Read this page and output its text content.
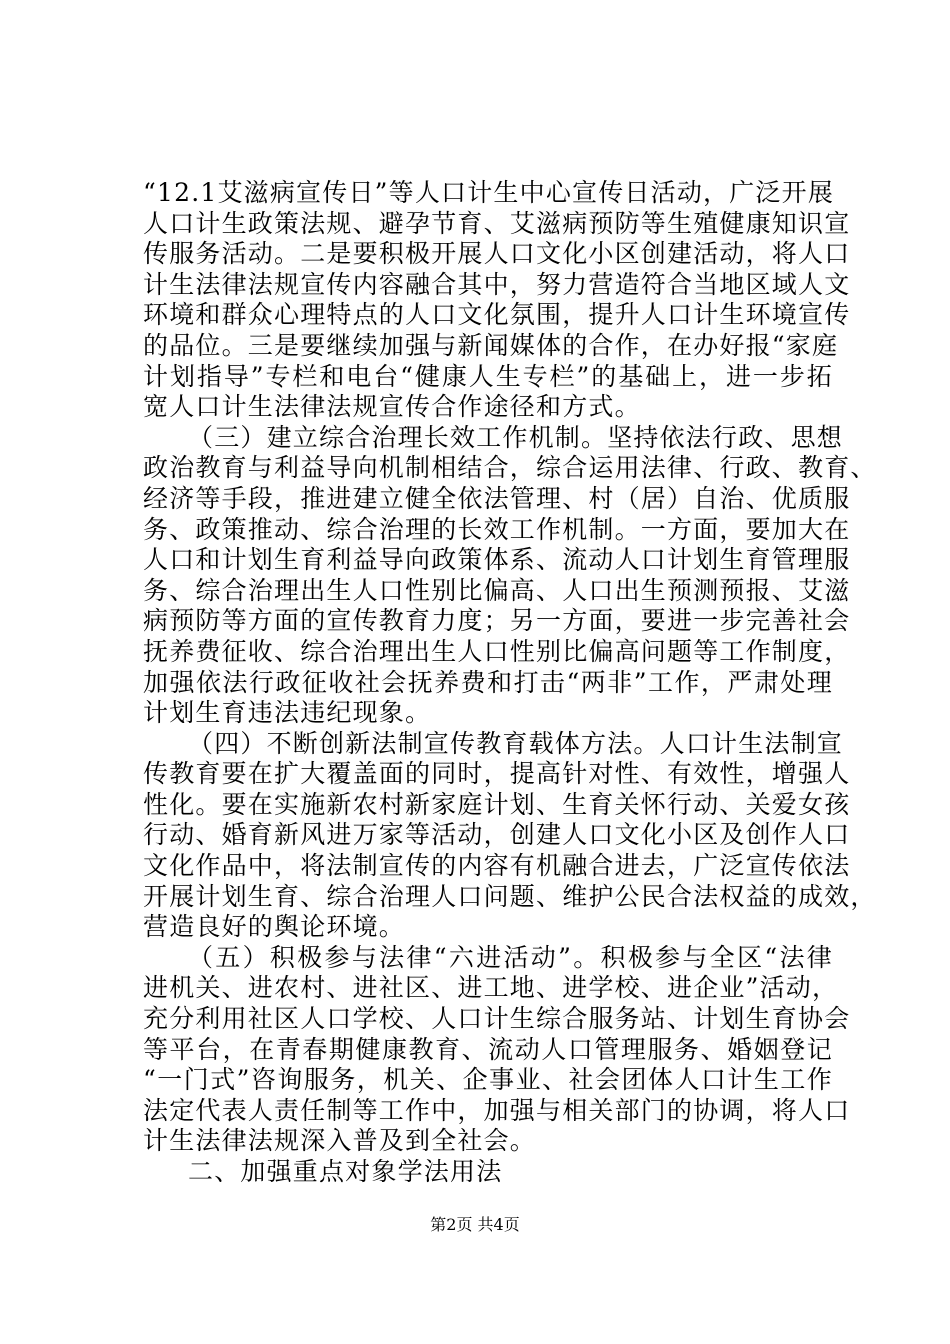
“12.1艾滋病宣传日”等人口计生中心宣传日活动，广泛开展
人口计生政策法规、避孕节育、艾滋病预防等生殖健康知识宣
传服务活动。二是要积极开展人口文化小区创建活动，将人口
计生法律法规宣传内容融合其中，努力营造符合当地区域人文
环境和群众心理特点的人口文化氛围，提升人口计生环境宣传
的品位。三是要继续加强与新闻媒体的合作，在办好报“家庭
计划指导”专栏和电台“健康人生专栏”的基础上，进一步拓
宽人口计生法律法规宣传合作途径和方式。
（三）建立综合治理长效工作机制。坚持依法行政、思想
政治教育与利益导向机制相结合，综合运用法律、行政、教育、
经济等手段，推进建立健全依法管理、村（居）自治、优质服
务、政策推动、综合治理的长效工作机制。一方面，要加大在
人口和计划生育利益导向政策体系、流动人口计划生育管理服
务、综合治理出生人口性别比偏高、人口出生预测预报、艾滋
病预防等方面的宣传教育力度；另一方面，要进一步完善社会
抚养费征收、综合治理出生人口性别比偏高问题等工作制度，
加强依法行政征收社会抚养费和打击“两非”工作，严肃处理
计划生育违法违纪现象。
（四）不断创新法制宣传教育载体方法。人口计生法制宣
传教育要在扩大覆盖面的同时，提高针对性、有效性，增强人
性化。要在实施新农村新家庭计划、生育关怀行动、关爱女孩
行动、婚育新风进万家等活动，创建人口文化小区及创作人口
文化作品中，将法制宣传的内容有机融合进去，广泛宣传依法
开展计划生育、综合治理人口问题、维护公民合法权益的成效，
营造良好的舆论环境。
（五）积极参与法律“六进活动”。积极参与全区“法律
进机关、进农村、进社区、进工地、进学校、进企业”活动，
充分利用社区人口学校、人口计生综合服务站、计划生育协会
等平台，在青春期健康教育、流动人口管理服务、婚姻登记
“一门式”咨询服务，机关、企事业、社会团体人口计生工作
法定代表人责任制等工作中，加强与相关部门的协调，将人口
计生法律法规深入普及到全社会。
二、加强重点对象学法用法
第2页 共4页
